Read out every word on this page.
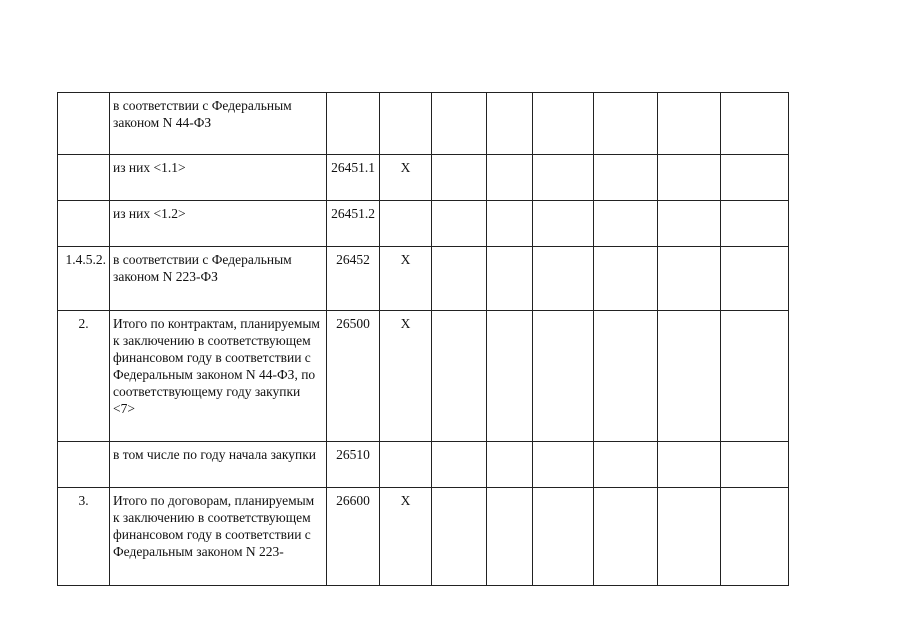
	в соответствии с Федеральным законом N 44-ФЗ								
	из них <1.1>	26451.1	X						
	из них <1.2>	26451.2							
1.4.5.2.	в соответствии с Федеральным законом N 223-ФЗ	26452	X						
2.	Итого по контрактам, планируемым к заключению в соответствующем финансовом году в соответствии с Федеральным законом N 44-ФЗ, по соответствующему году закупки <7>	26500	X						
	в том числе по году начала закупки	26510							
3.	Итого по договорам, планируемым к заключению в соответствующем финансовом году в соответствии с Федеральным законом N 223-	26600	X						
